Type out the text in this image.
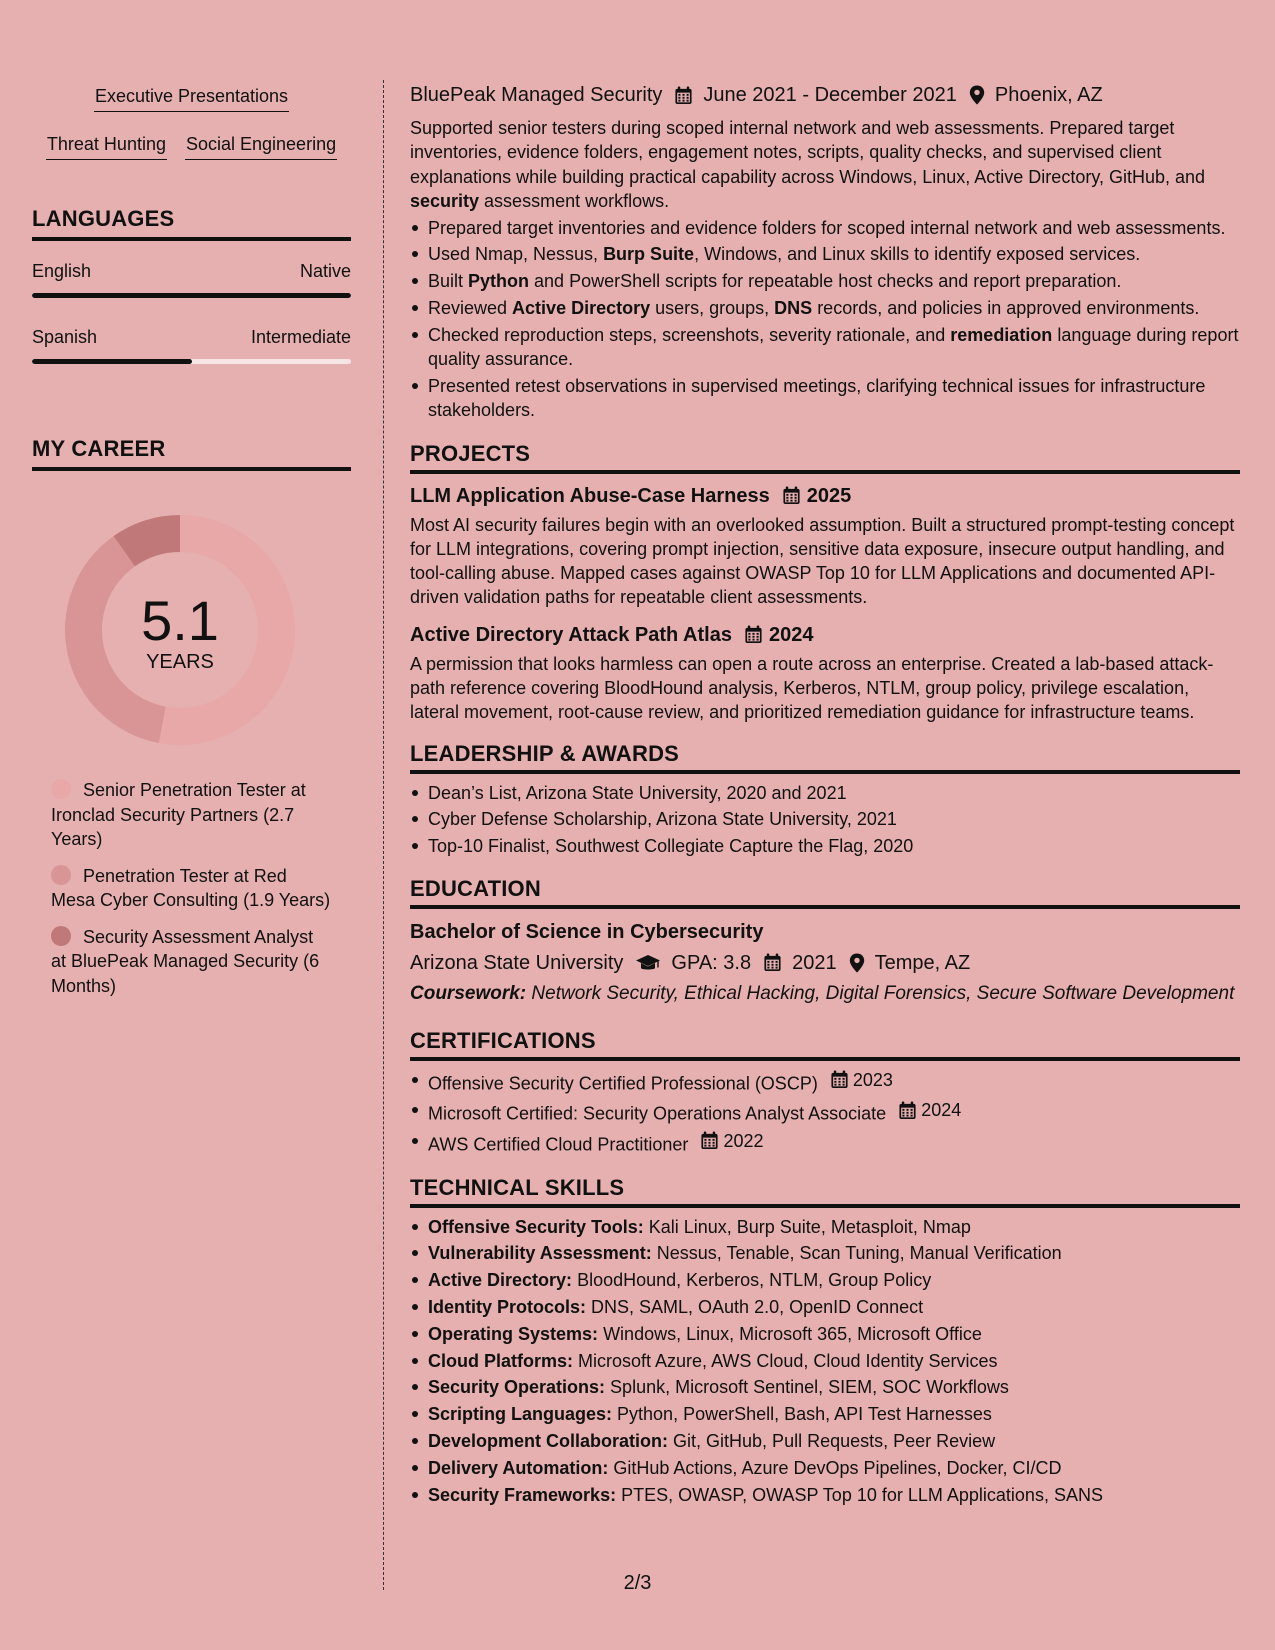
Executive Presentations
Threat Hunting Social Engineering
LANGUAGES
English	Native
Spanish	Intermediate
MY CAREER
5.1
YEARS
Senior Penetration Tester at Ironclad Security Partners (2.7 Years)
Penetration Tester at Red Mesa Cyber Consulting (1.9 Years)
Security Assessment Analyst at BluePeak Managed Security (6 Months)
BluePeak Managed Security June 2021 - December 2021 Phoenix, AZ

Supported senior testers during scoped internal network and web assessments. Prepared target inventories, evidence folders, engagement notes, scripts, quality checks, and supervised client explanations while building practical capability across Windows, Linux, Active Directory, GitHub, and security assessment workflows.

Prepared target inventories and evidence folders for scoped internal network and web assessments.
Used Nmap, Nessus, Burp Suite, Windows, and Linux skills to identify exposed services.
Built Python and PowerShell scripts for repeatable host checks and report preparation.
Reviewed Active Directory users, groups, DNS records, and policies in approved environments.
Checked reproduction steps, screenshots, severity rationale, and remediation language during report quality assurance.
Presented retest observations in supervised meetings, clarifying technical issues for infrastructure stakeholders.
PROJECTS
LLM Application Abuse-Case Harness 2025

Most AI security failures begin with an overlooked assumption. Built a structured prompt-testing concept for LLM integrations, covering prompt injection, sensitive data exposure, insecure output handling, and tool-calling abuse. Mapped cases against OWASP Top 10 for LLM Applications and documented API-driven validation paths for repeatable client assessments.

Active Directory Attack Path Atlas 2024

A permission that looks harmless can open a route across an enterprise. Created a lab-based attack-path reference covering BloodHound analysis, Kerberos, NTLM, group policy, privilege escalation, lateral movement, root-cause review, and prioritized remediation guidance for infrastructure teams.

LEADERSHIP & AWARDS
Dean’s List, Arizona State University, 2020 and 2021
Cyber Defense Scholarship, Arizona State University, 2021
Top-10 Finalist, Southwest Collegiate Capture the Flag, 2020
EDUCATION
Bachelor of Science in Cybersecurity
Arizona State University GPA: 3.8 2021 Tempe, AZ

Coursework: Network Security, Ethical Hacking, Digital Forensics, Secure Software Development

CERTIFICATIONS
Offensive Security Certified Professional (OSCP) 2023
Microsoft Certified: Security Operations Analyst Associate 2024
AWS Certified Cloud Practitioner 2022
TECHNICAL SKILLS
Offensive Security Tools: Kali Linux, Burp Suite, Metasploit, Nmap
Vulnerability Assessment: Nessus, Tenable, Scan Tuning, Manual Verification
Active Directory: BloodHound, Kerberos, NTLM, Group Policy
Identity Protocols: DNS, SAML, OAuth 2.0, OpenID Connect
Operating Systems: Windows, Linux, Microsoft 365, Microsoft Office
Cloud Platforms: Microsoft Azure, AWS Cloud, Cloud Identity Services
Security Operations: Splunk, Microsoft Sentinel, SIEM, SOC Workflows
Scripting Languages: Python, PowerShell, Bash, API Test Harnesses
Development Collaboration: Git, GitHub, Pull Requests, Peer Review
Delivery Automation: GitHub Actions, Azure DevOps Pipelines, Docker, CI/CD
Security Frameworks: PTES, OWASP, OWASP Top 10 for LLM Applications, SANS
2/3
